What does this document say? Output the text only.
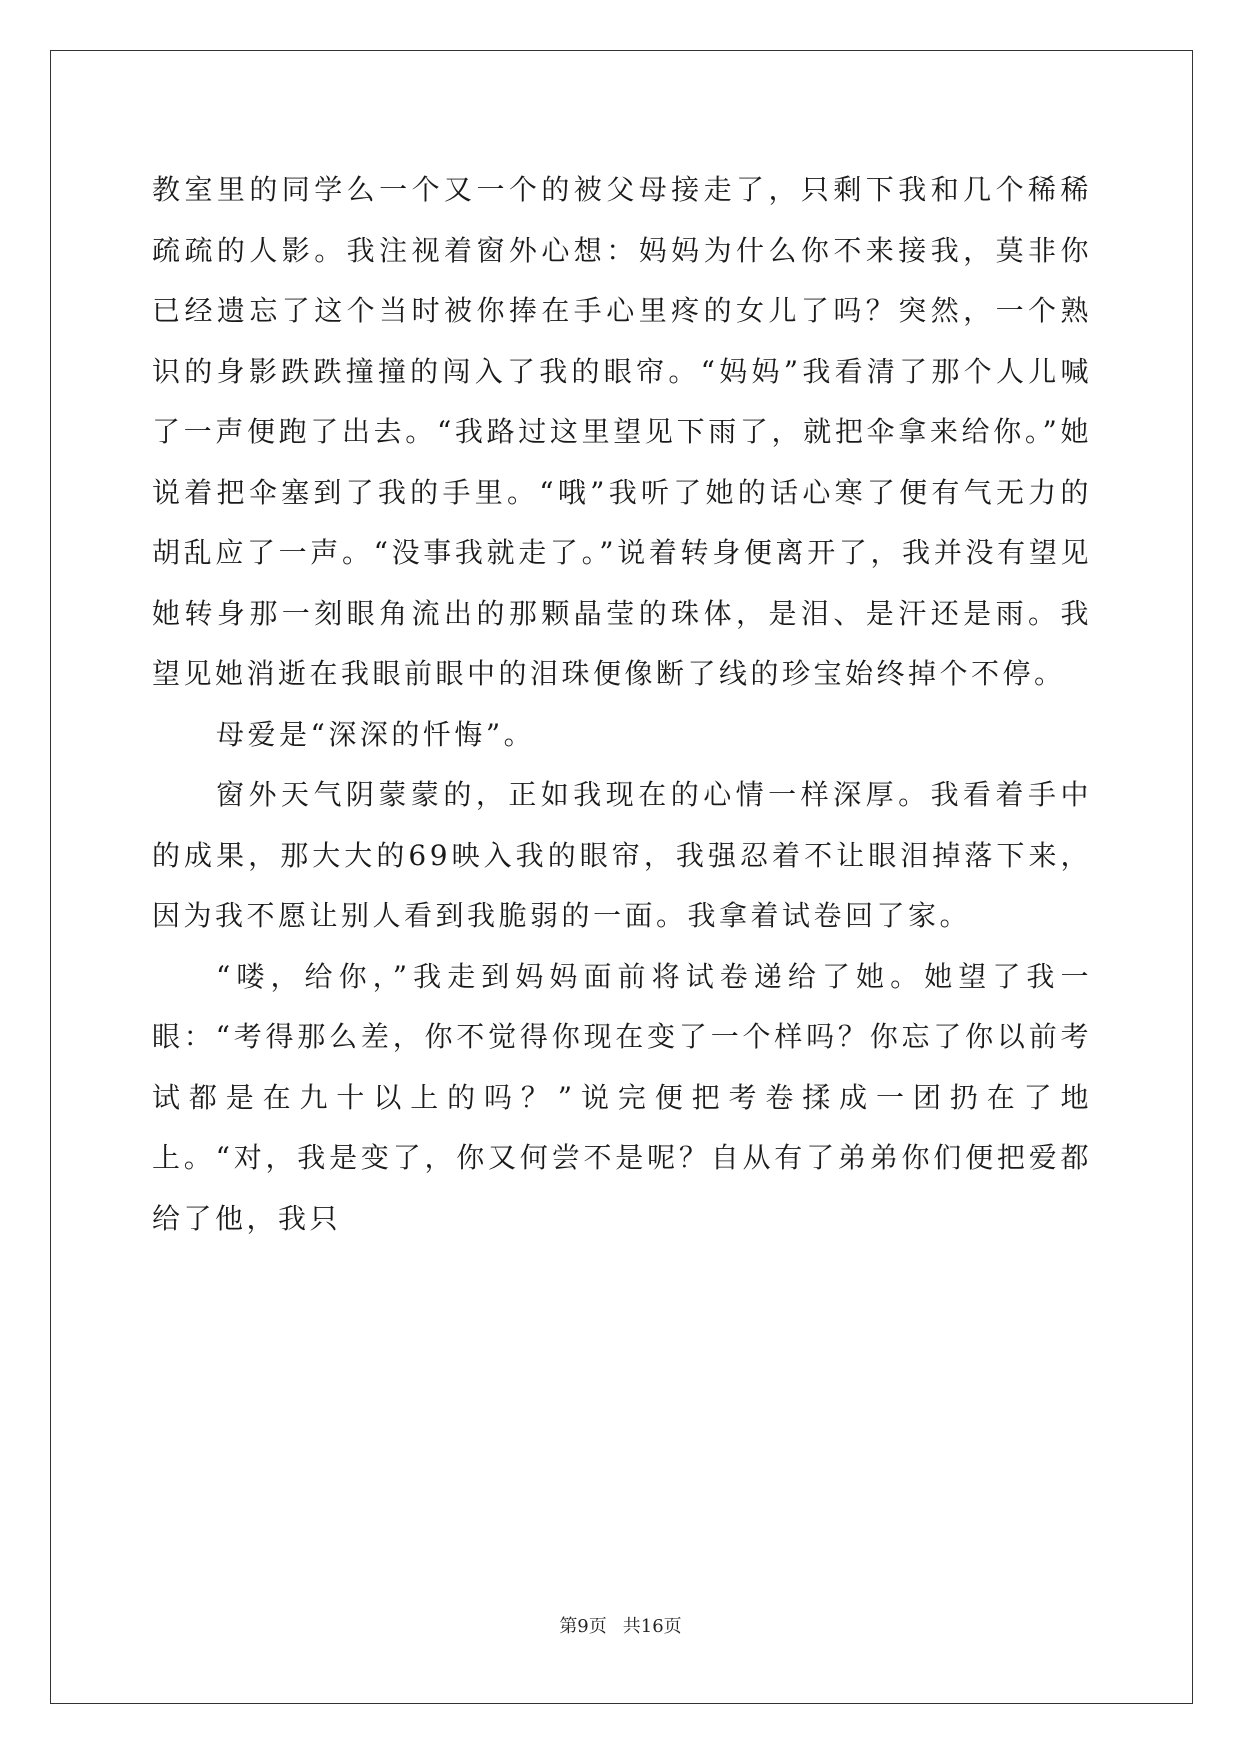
教室里的同学么一个又一个的被父母接走了，只剩下我和几个稀稀疏疏的人影。我注视着窗外心想：妈妈为什么你不来接我，莫非你已经遗忘了这个当时被你捧在手心里疼的女儿了吗？突然，一个熟识的身影跌跌撞撞的闯入了我的眼帘。“妈妈”我看清了那个人儿喊了一声便跑了出去。“我路过这里望见下雨了，就把伞拿来给你。”她说着把伞塞到了我的手里。“哦”我听了她的话心寒了便有气无力的胡乱应了一声。“没事我就走了。”说着转身便离开了，我并没有望见她转身那一刻眼角流出的那颗晶莹的珠体，是泪、是汗还是雨。我望见她消逝在我眼前眼中的泪珠便像断了线的珍宝始终掉个不停。

母爱是“深深的忏悔”。

窗外天气阴蒙蒙的，正如我现在的心情一样深厚。我看着手中的成果，那大大的69映入我的眼帘，我强忍着不让眼泪掉落下来，因为我不愿让别人看到我脆弱的一面。我拿着试卷回了家。

“喽，给你，”我走到妈妈面前将试卷递给了她。她望了我一眼：“考得那么差，你不觉得你现在变了一个样吗？你忘了你以前考试都是在九十以上的吗？”说完便把考卷揉成一团扔在了地上。“对，我是变了，你又何尝不是呢？自从有了弟弟你们便把爱都给了他，我只

第9页 共16页
